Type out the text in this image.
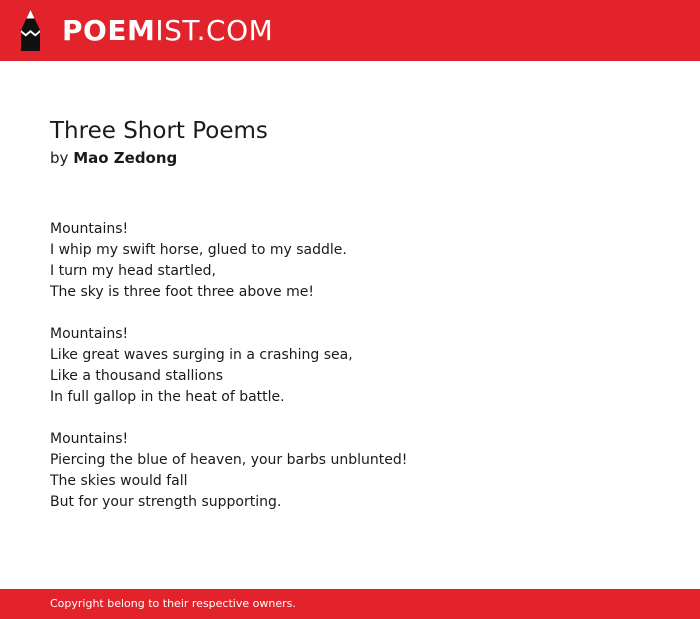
POEMIST.COM
Three Short Poems

by Mao Zedong

Mountains!
I whip my swift horse, glued to my saddle.
I turn my head startled,
The sky is three foot three above me!
Mountains!
Like great waves surging in a crashing sea,
Like a thousand stallions
In full gallop in the heat of battle.
Mountains!
Piercing the blue of heaven, your barbs unblunted!
The skies would fall
But for your strength supporting.
Copyright belong to their respective owners.
